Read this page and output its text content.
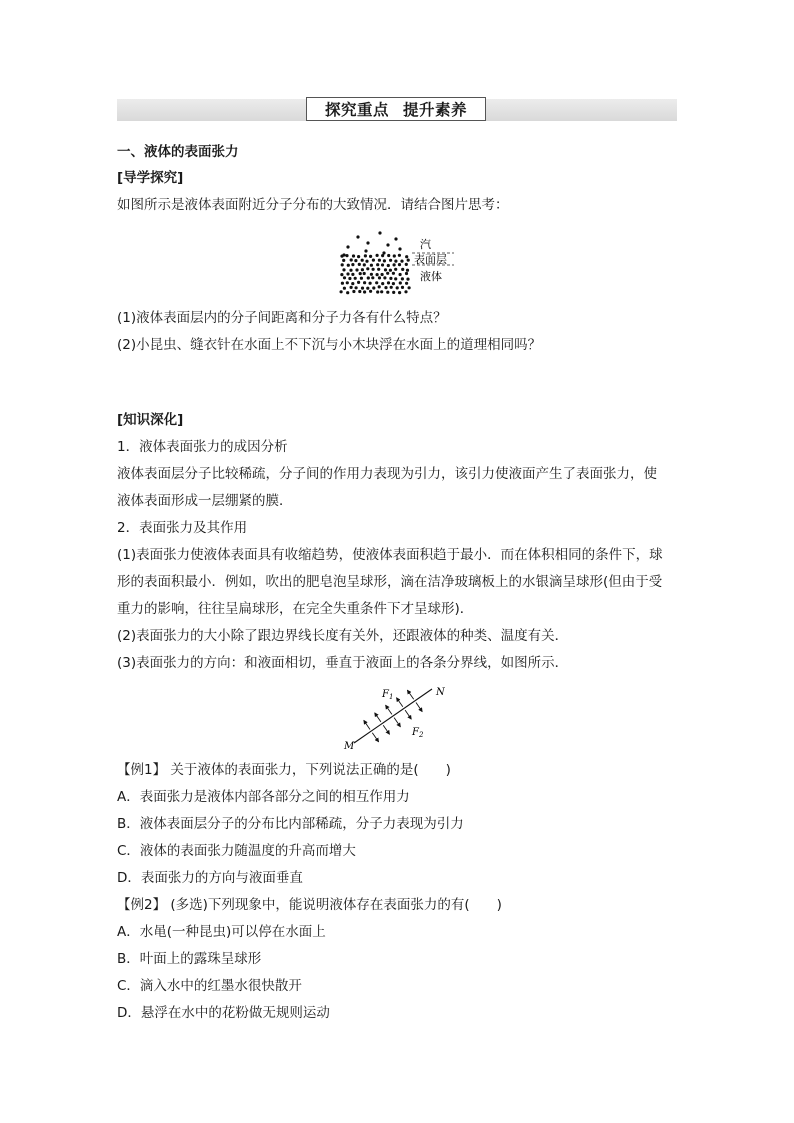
探究重点 提升素养
一、液体的表面张力
[导学探究]
如图所示是液体表面附近分子分布的大致情况．请结合图片思考：
汽
表面层
液体
(1)液体表面层内的分子间距离和分子力各有什么特点？
(2)小昆虫、缝衣针在水面上不下沉与小木块浮在水面上的道理相同吗？
[知识深化]
1．液体表面张力的成因分析
液体表面层分子比较稀疏，分子间的作用力表现为引力，该引力使液面产生了表面张力，使
液体表面形成一层绷紧的膜．
2．表面张力及其作用
(1)表面张力使液体表面具有收缩趋势，使液体表面积趋于最小．而在体积相同的条件下，球
形的表面积最小．例如，吹出的肥皂泡呈球形，滴在洁净玻璃板上的水银滴呈球形(但由于受
重力的影响，往往呈扁球形，在完全失重条件下才呈球形)．
(2)表面张力的大小除了跟边界线长度有关外，还跟液体的种类、温度有关．
(3)表面张力的方向：和液面相切，垂直于液面上的各条分界线，如图所示．
M
N
$F_1$
$F_2$
【例1】 关于液体的表面张力，下列说法正确的是(　　)
A．表面张力是液体内部各部分之间的相互作用力
B．液体表面层分子的分布比内部稀疏，分子力表现为引力
C．液体的表面张力随温度的升高而增大
D．表面张力的方向与液面垂直
【例2】 (多选)下列现象中，能说明液体存在表面张力的有(　　)
A．水黾(一种昆虫)可以停在水面上
B．叶面上的露珠呈球形
C．滴入水中的红墨水很快散开
D．悬浮在水中的花粉做无规则运动
